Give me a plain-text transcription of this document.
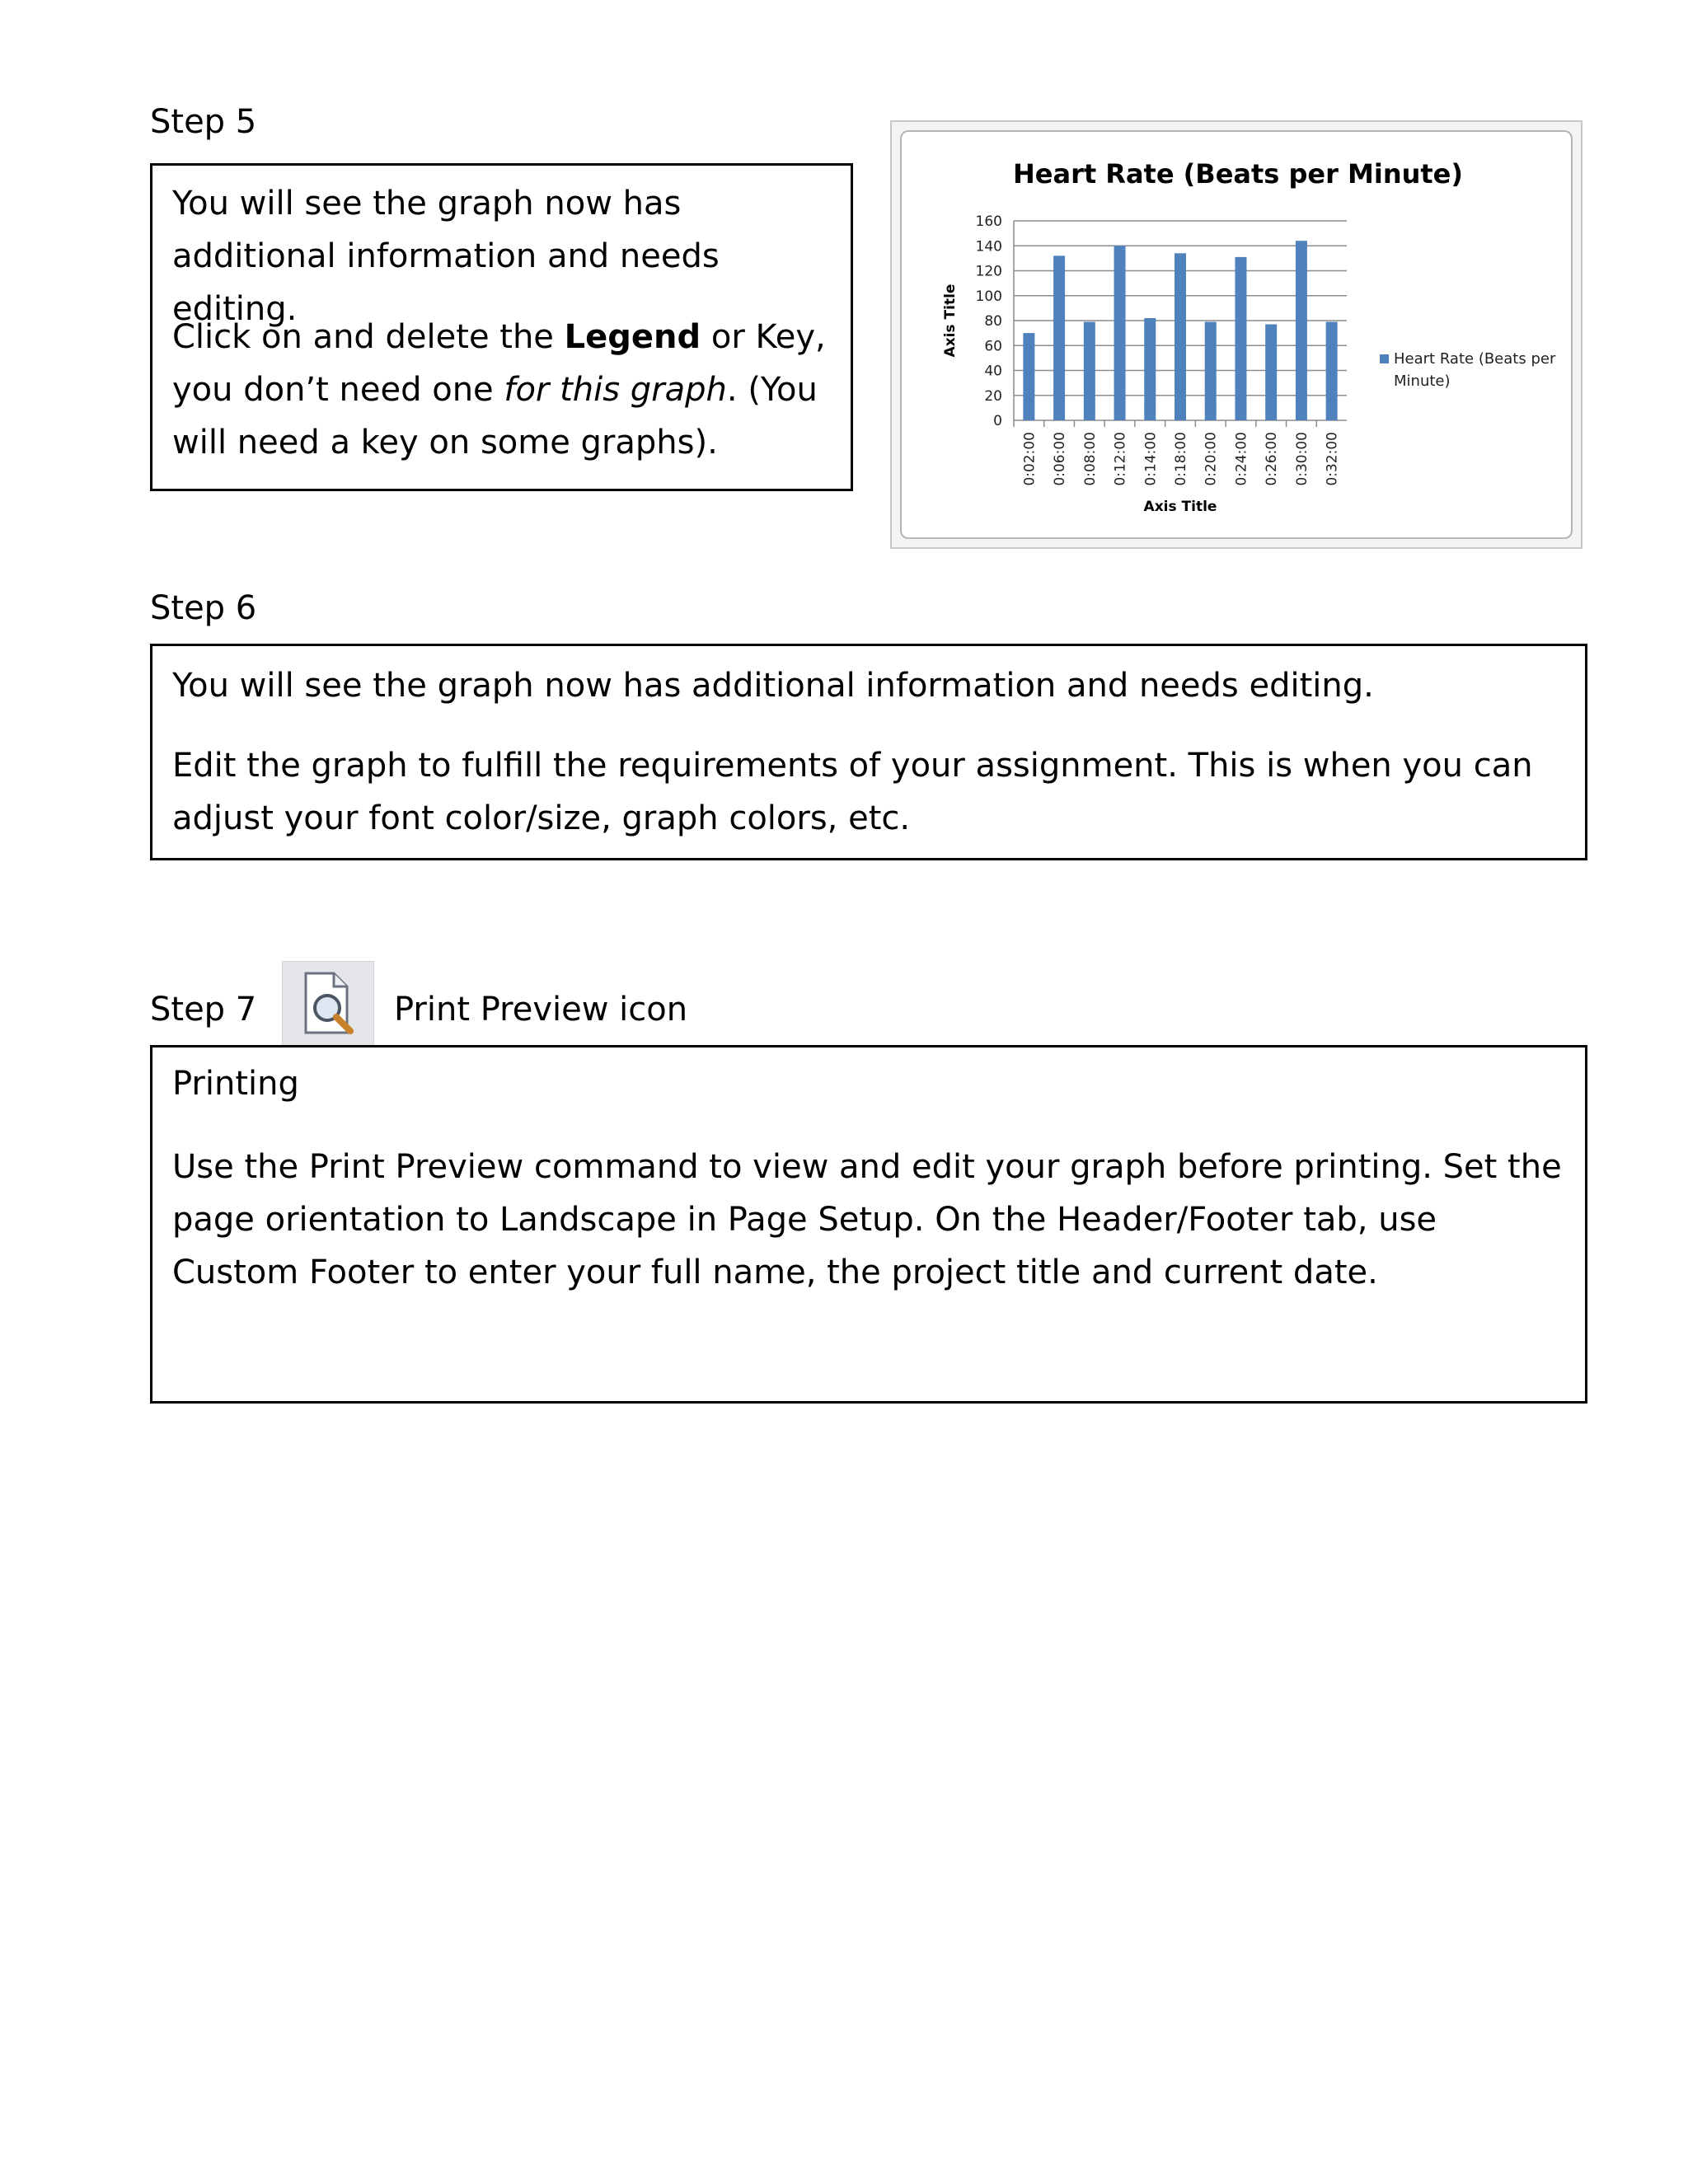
Step 5

You will see the graph now has additional information and needs editing.

Click on and delete the Legend or Key, you don’t need one for this graph. (You will need a key on some graphs).

Heart Rate (Beats per Minute)
0
20
40
60
80
100
120
140
160
0:02:00 0:06:00 0:08:00 0:12:00 0:14:00 0:18:00 0:20:00 0:24:00 0:26:00 0:30:00 0:32:00
Axis Title
Axis Title
Heart Rate (Beats per
Minute)
Step 6

You will see the graph now has additional information and needs editing.

Edit the graph to fulfill the requirements of your assignment. This is when you can adjust your font color/size, graph colors, etc.

Step 7	Print Preview icon

Printing

Use the Print Preview command to view and edit your graph before printing. Set the page orientation to Landscape in Page Setup. On the Header/Footer tab, use Custom Footer to enter your full name, the project title and current date.
